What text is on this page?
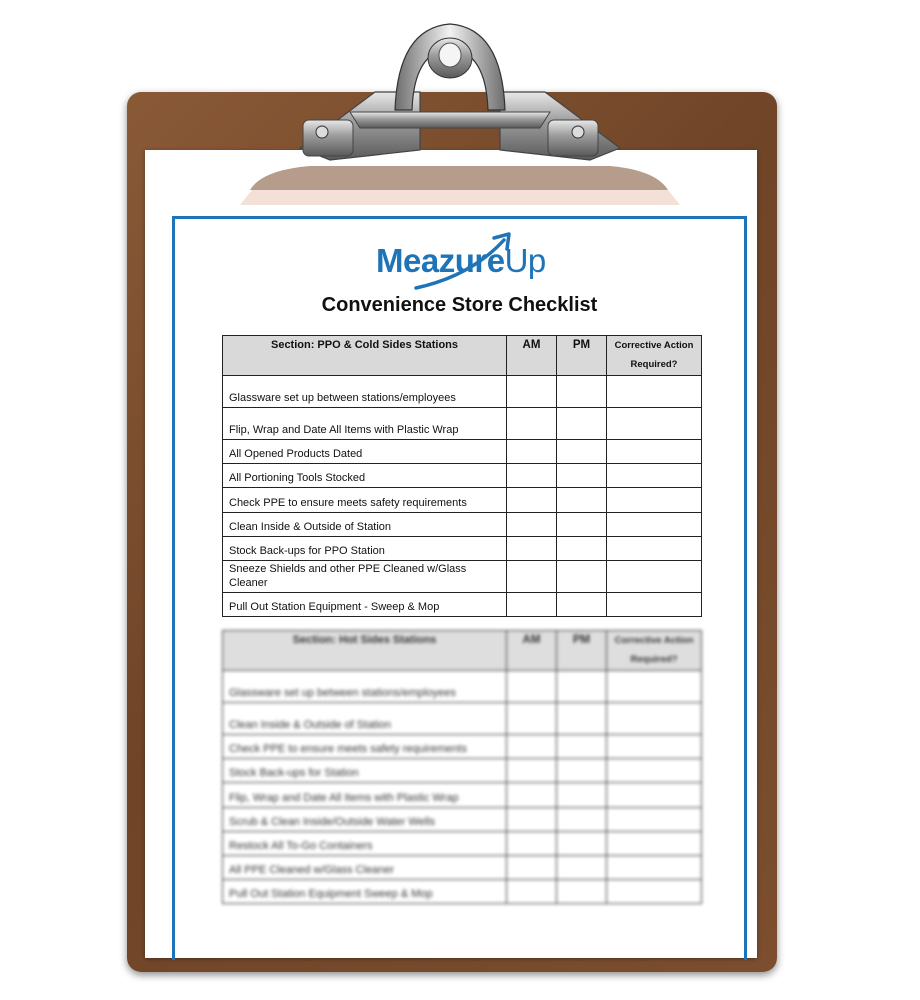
MeazureUp
Convenience Store Checklist
Section: PPO & Cold Sides Stations	AM	PM	Corrective Action
Required?
Glassware set up between stations/employees			
Flip, Wrap and Date All Items with Plastic Wrap			
All Opened Products Dated			
All Portioning Tools Stocked			
Check PPE to ensure meets safety requirements			
Clean Inside & Outside of Station			
Stock Back-ups for PPO Station			
Sneeze Shields and other PPE Cleaned w/Glass Cleaner			
Pull Out Station Equipment - Sweep & Mop			
Section: Hot Sides Stations	AM	PM	Corrective Action
Required?
Glassware set up between stations/employees			
Clean Inside & Outside of Station			
Check PPE to ensure meets safety requirements			
Stock Back-ups for Station			
Flip, Wrap and Date All Items with Plastic Wrap			
Scrub & Clean Inside/Outside Water Wells			
Restock All To-Go Containers			
All PPE Cleaned w/Glass Cleaner			
Pull Out Station Equipment Sweep & Mop			
